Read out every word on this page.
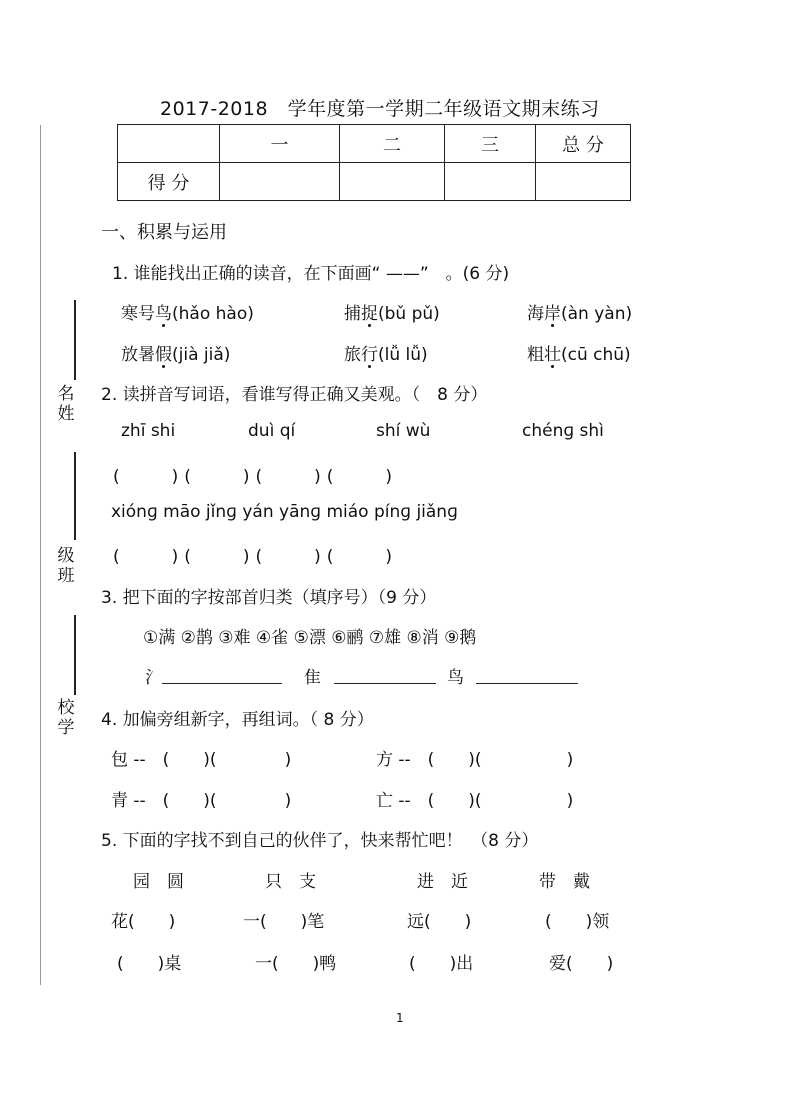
名
姓
级
班
校
学
2017-2018　学年度第一学期二年级语文期末练习
	一	二	三	总 分
得 分				
一、积累与运用
1. 谁能找出正确的读音，在下面画“ ——”　。(6 分)
寒号鸟(hǎo hào)	捕捉(bǔ pǔ)	海岸(àn yàn)
放暑假(jià jiǎ)	旅行(lǚ lǚ)	粗壮(cū chū)
2. 读拼音写词语，看谁写得正确又美观。（　8 分）
zhī shi	duì qí	shí wù	chénɡ shì
(　　)(　　)(　　)(　　)
xiónɡ māo jǐnɡ yán yānɡ miáo pínɡ jiǎnɡ
(　　)(　　)(　　)(　　)
3. 把下面的字按部首归类（填序号）（9 分）
①满 ②鹊 ③难 ④雀 ⑤漂 ⑥鹂 ⑦雄 ⑧消 ⑨鹅
氵	隹	鸟
4. 加偏旁组新字，再组词。（ 8 分）
包 --　(　　)(　　　　)	方 --　(　　)(　　　　　)
青 --　(　　)(　　　　)	亡 --　(　　)(　　　　　)
5. 下面的字找不到自己的伙伴了，快来帮忙吧！　（8 分）
园　圆	只　支	进　近	带　戴
花(　　)	一(　　)笔	远(　　)	(　　)领
(　　)桌	一(　　)鸭	(　　)出	爱(　　)
1
